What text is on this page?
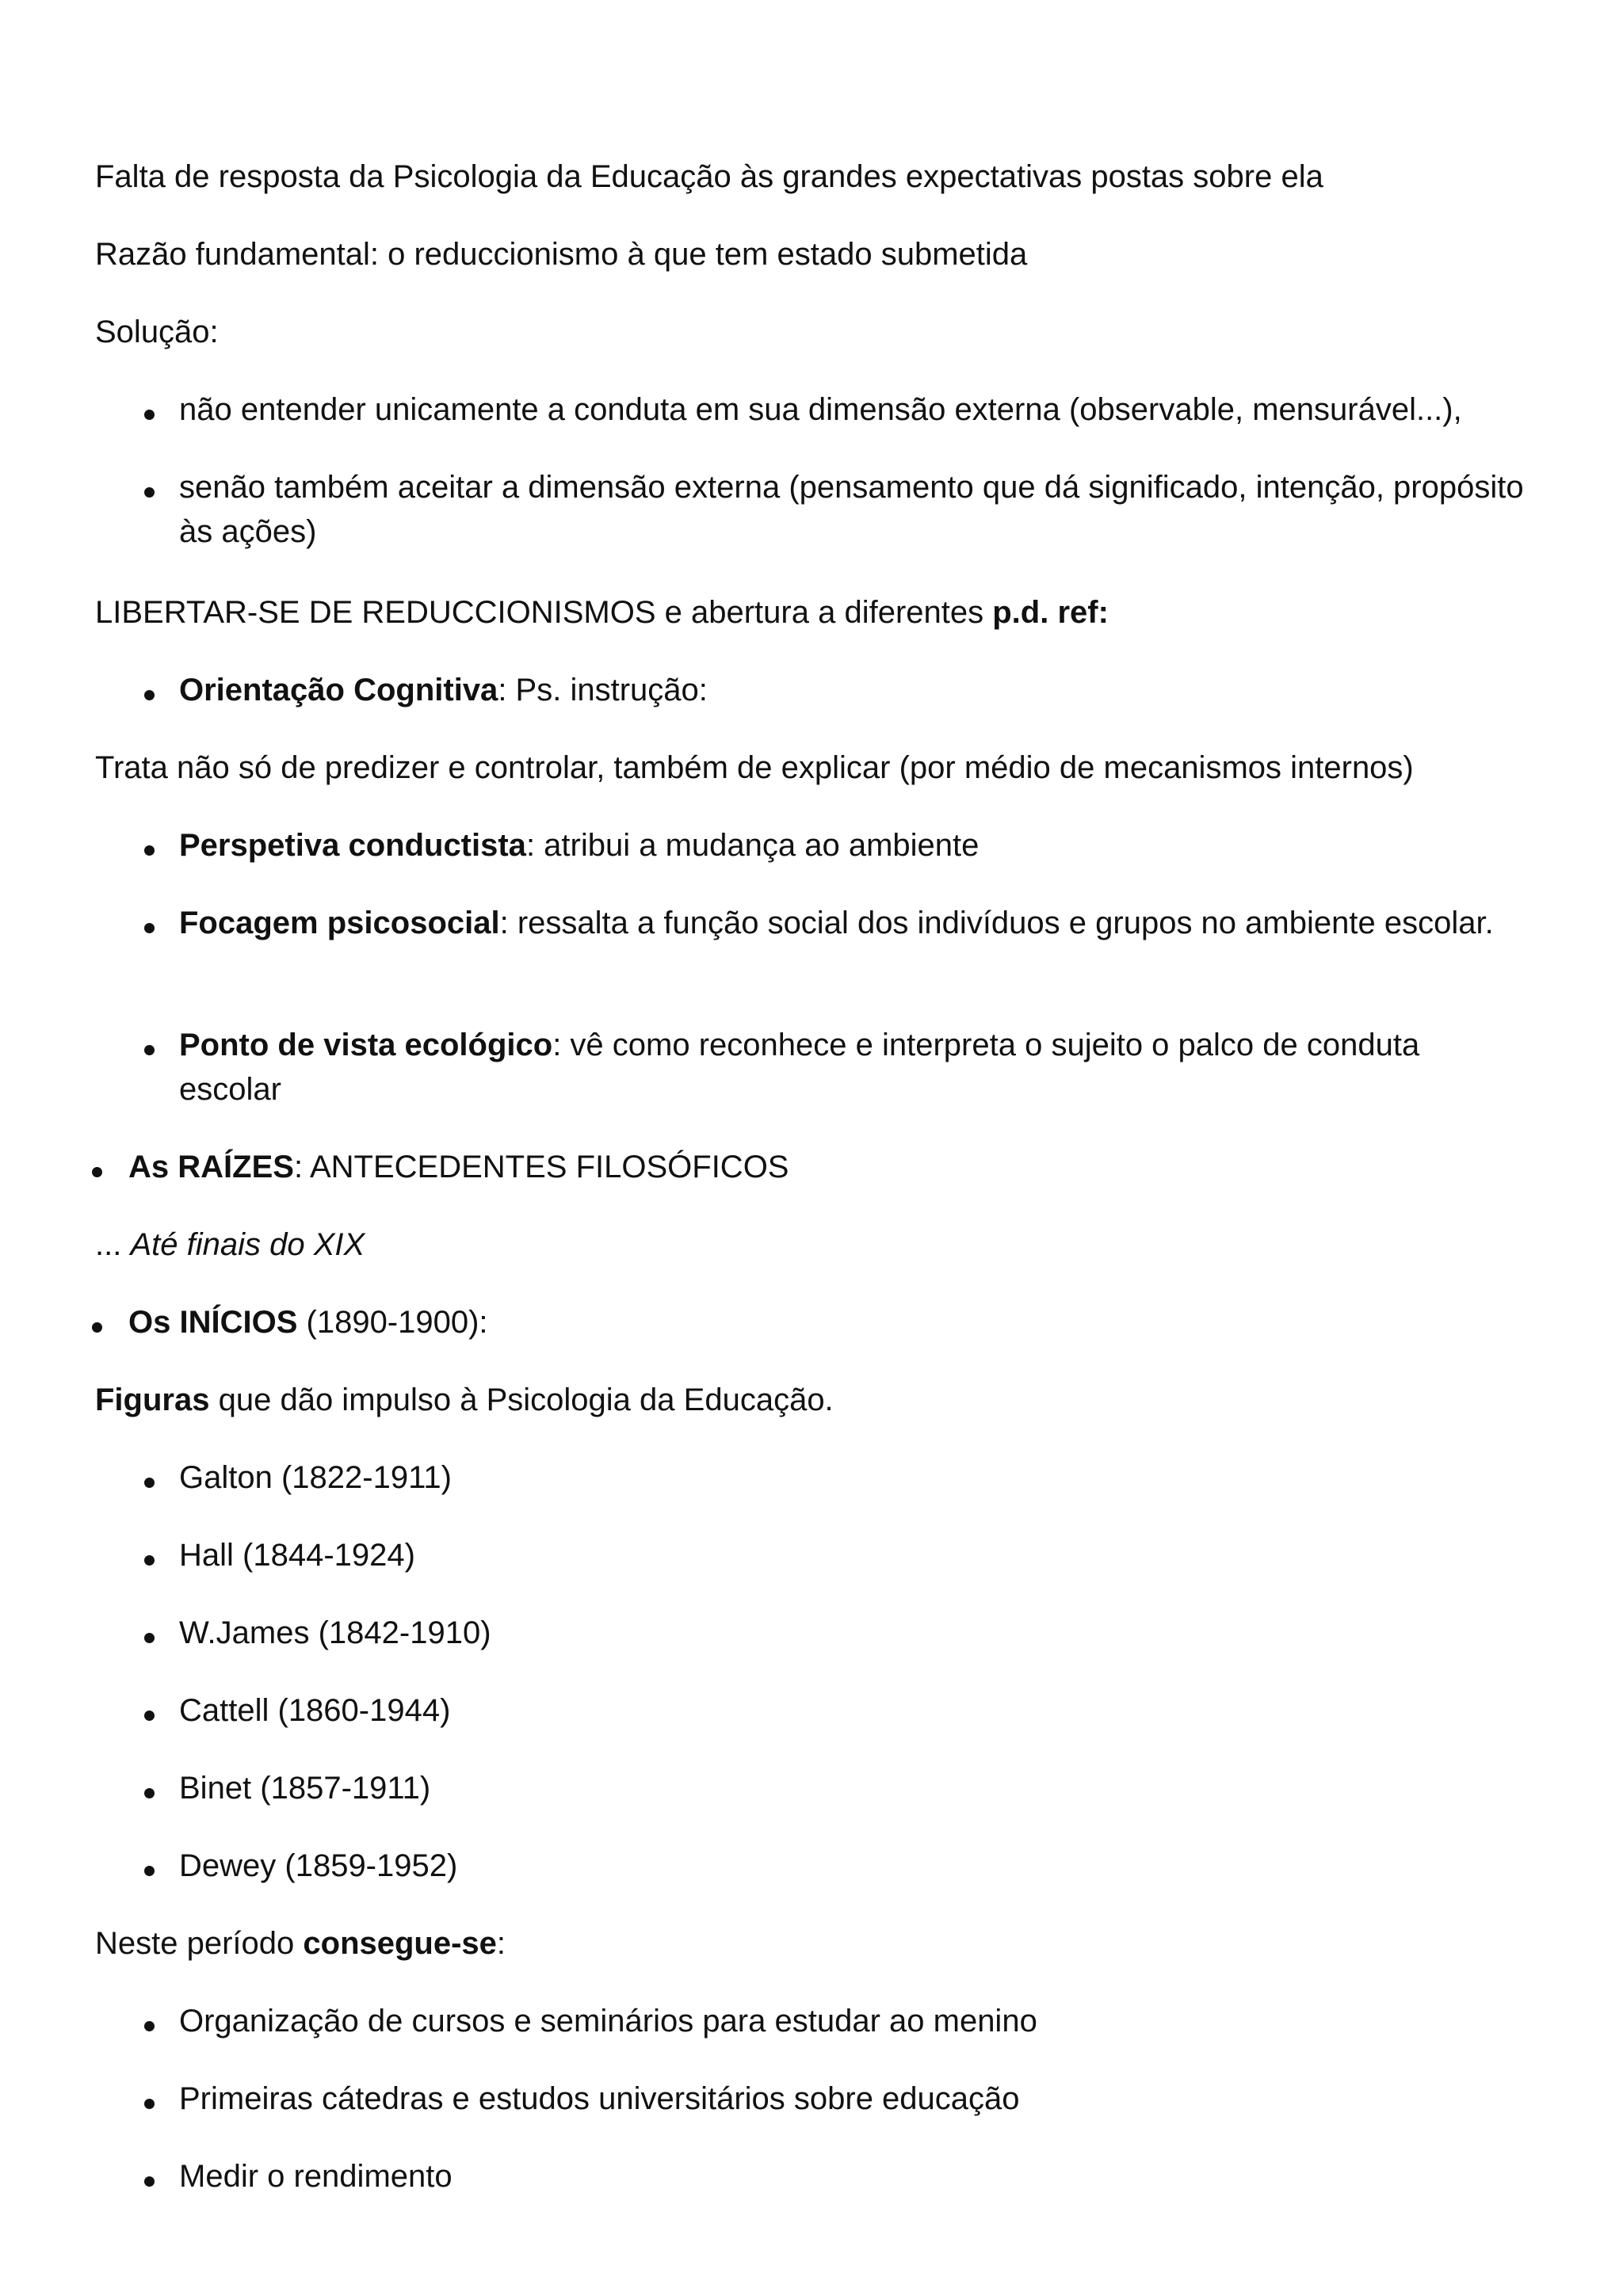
Falta de resposta da Psicologia da Educação às grandes expectativas postas sobre ela

Razão fundamental: o reduccionismo à que tem estado submetida

Solução:

não entender unicamente a conduta em sua dimensão externa (observable, mensurável...),

senão também aceitar a dimensão externa (pensamento que dá significado, intenção, propósito às ações)

LIBERTAR-SE DE REDUCCIONISMOS e abertura a diferentes p.d. ref:

Orientação Cognitiva: Ps. instrução:

Trata não só de predizer e controlar, também de explicar (por médio de mecanismos internos)

Perspetiva conductista: atribui a mudança ao ambiente

Focagem psicosocial: ressalta a função social dos indivíduos e grupos no ambiente escolar.

Ponto de vista ecológico: vê como reconhece e interpreta o sujeito o palco de conduta escolar

As RAÍZES: ANTECEDENTES FILOSÓFICOS

... Até finais do XIX

Os INÍCIOS (1890-1900):

Figuras que dão impulso à Psicologia da Educação.

Galton (1822-1911)

Hall (1844-1924)

W.James (1842-1910)

Cattell (1860-1944)

Binet (1857-1911)

Dewey (1859-1952)

Neste período consegue-se:

Organização de cursos e seminários para estudar ao menino

Primeiras cátedras e estudos universitários sobre educação

Medir o rendimento
